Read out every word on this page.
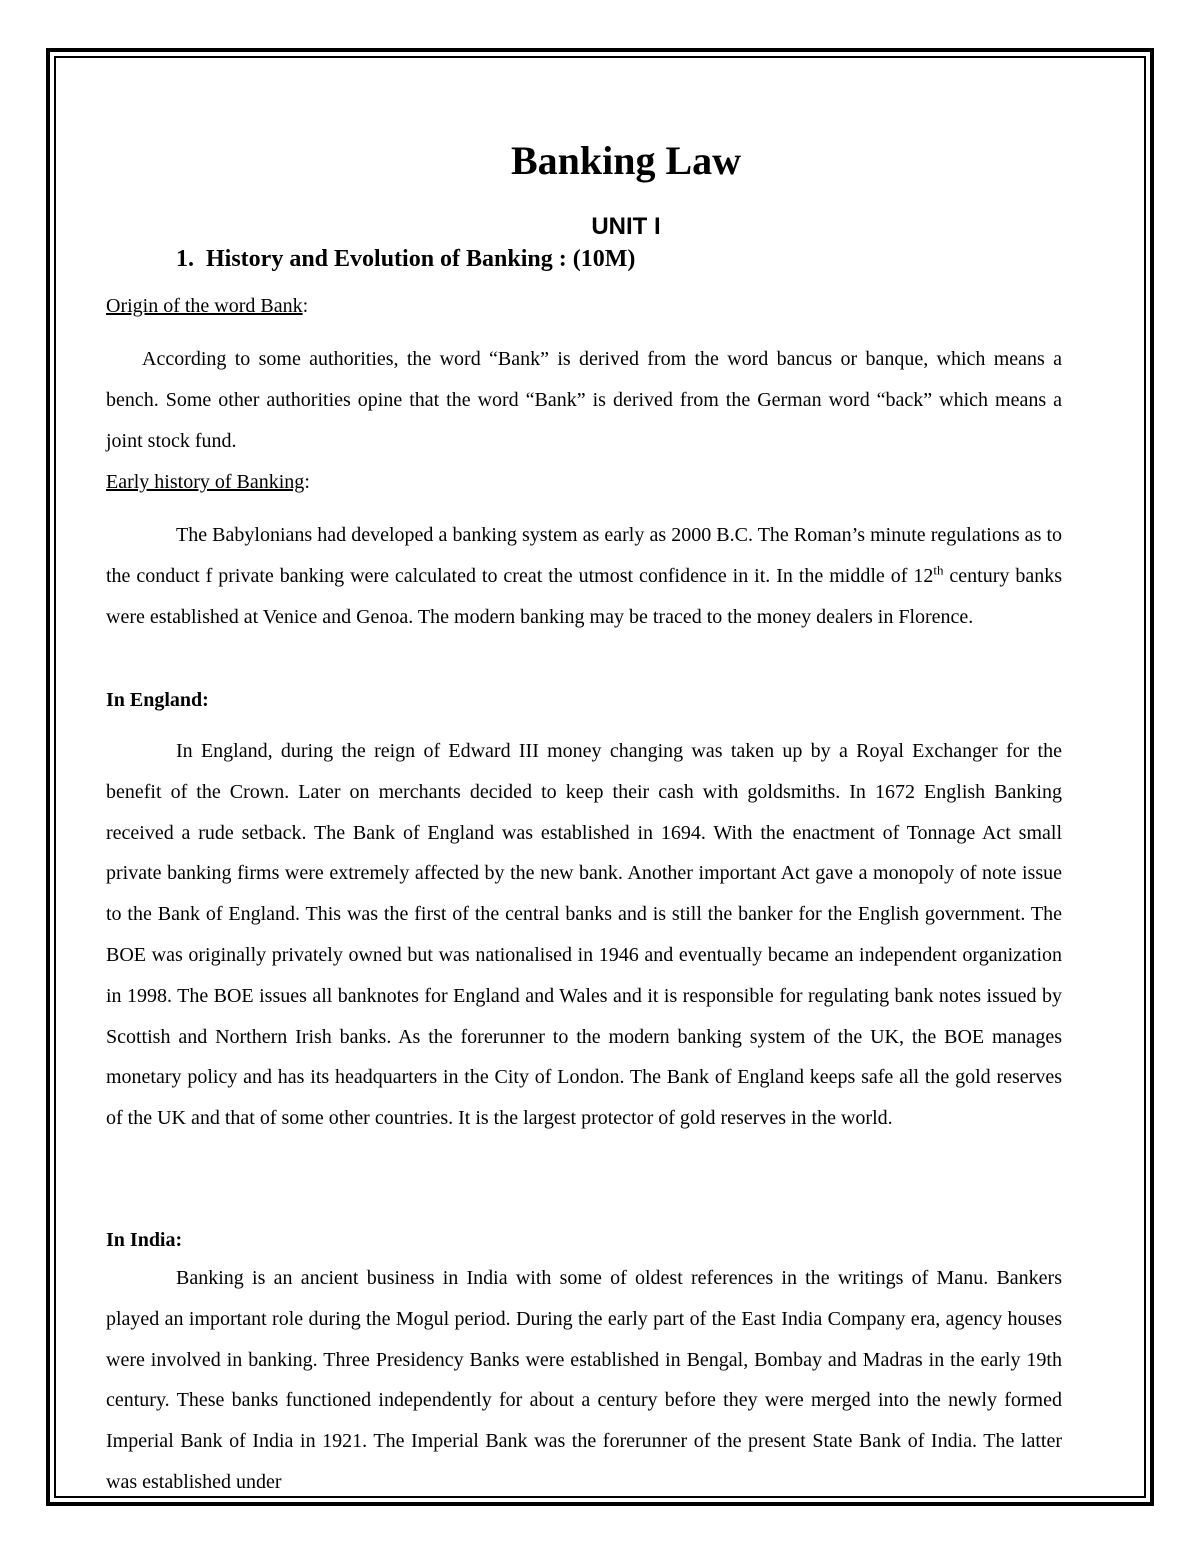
Banking Law
UNIT I
1. History and Evolution of Banking : (10M)
Origin of the word Bank:

According to some authorities, the word “Bank” is derived from the word bancus or banque, which means a bench. Some other authorities opine that the word “Bank” is derived from the German word “back” which means a joint stock fund.

Early history of Banking:

The Babylonians had developed a banking system as early as 2000 B.C. The Roman’s minute regulations as to the conduct f private banking were calculated to creat the utmost confidence in it. In the middle of 12th century banks were established at Venice and Genoa. The modern banking may be traced to the money dealers in Florence.

In England:

In England, during the reign of Edward III money changing was taken up by a Royal Exchanger for the benefit of the Crown. Later on merchants decided to keep their cash with goldsmiths. In 1672 English Banking received a rude setback. The Bank of England was established in 1694. With the enactment of Tonnage Act small private banking firms were extremely affected by the new bank. Another important Act gave a monopoly of note issue to the Bank of England. This was the first of the central banks and is still the banker for the English government. The BOE was originally privately owned but was nationalised in 1946 and eventually became an independent organization in 1998. The BOE issues all banknotes for England and Wales and it is responsible for regulating bank notes issued by Scottish and Northern Irish banks. As the forerunner to the modern banking system of the UK, the BOE manages monetary policy and has its headquarters in the City of London. The Bank of England keeps safe all the gold reserves of the UK and that of some other countries. It is the largest protector of gold reserves in the world.

In India:

Banking is an ancient business in India with some of oldest references in the writings of Manu. Bankers played an important role during the Mogul period. During the early part of the East India Company era, agency houses were involved in banking. Three Presidency Banks were established in Bengal, Bombay and Madras in the early 19th century. These banks functioned independently for about a century before they were merged into the newly formed Imperial Bank of India in 1921. The Imperial Bank was the forerunner of the present State Bank of India. The latter was established under
